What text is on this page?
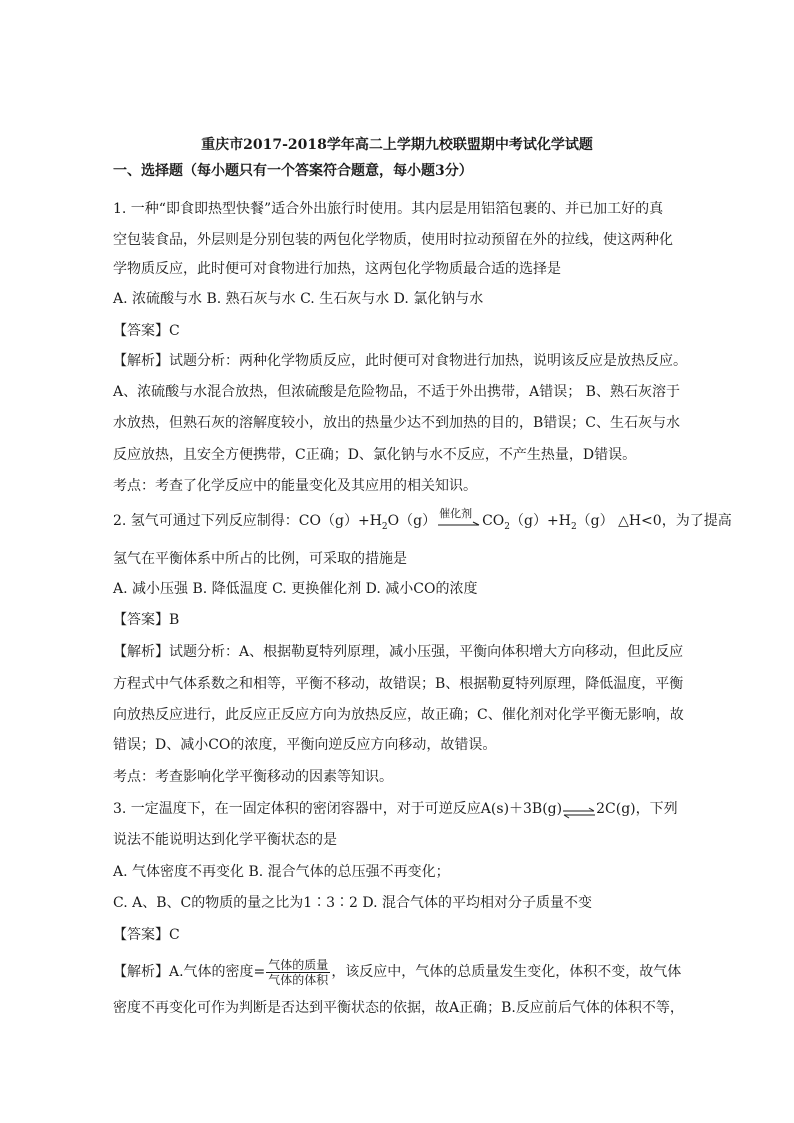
重庆市2017-2018学年高二上学期九校联盟期中考试化学试题
一、选择题（每小题只有一个答案符合题意，每小题3分）
1. 一种“即食即热型快餐”适合外出旅行时使用。其内层是用铝箔包裹的、并已加工好的真
空包装食品，外层则是分别包装的两包化学物质，使用时拉动预留在外的拉线，使这两种化
学物质反应，此时便可对食物进行加热，这两包化学物质最合适的选择是
A. 浓硫酸与水 B. 熟石灰与水 C. 生石灰与水 D. 氯化钠与水
【答案】C
【解析】试题分析：两种化学物质反应，此时便可对食物进行加热，说明该反应是放热反应。
A、浓硫酸与水混合放热，但浓硫酸是危险物品，不适于外出携带，A错误； B、熟石灰溶于
水放热，但熟石灰的溶解度较小，放出的热量少达不到加热的目的，B错误；C、生石灰与水
反应放热，且安全方便携带，C正确；D、氯化钠与水不反应，不产生热量，D错误。
考点：考查了化学反应中的能量变化及其应用的相关知识。
2. 氢气可通过下列反应制得：$CO(g)+H_2O(g)$ 催化剂 $CO_2(g)+H_2(g)$ △H<0，为了提高
氢气在平衡体系中所占的比例，可采取的措施是
A. 减小压强 B. 降低温度 C. 更换催化剂 D. 减小CO的浓度
【答案】B
【解析】试题分析：A、根据勒夏特列原理，减小压强，平衡向体积增大方向移动，但此反应
方程式中气体系数之和相等，平衡不移动，故错误；B、根据勒夏特列原理，降低温度，平衡
向放热反应进行，此反应正反应方向为放热反应，故正确；C、催化剂对化学平衡无影响，故
错误；D、减小CO的浓度，平衡向逆反应方向移动，故错误。
考点：考查影响化学平衡移动的因素等知识。
3. 一定温度下，在一固定体积的密闭容器中，对于可逆反应A(s)＋3B(g)⇌2C(g)，下列
说法不能说明达到化学平衡状态的是
A. 气体密度不再变化 B. 混合气体的总压强不再变化；
C. A、B、C的物质的量之比为1∶3∶2 D. 混合气体的平均相对分子质量不变
【答案】C
【解析】A.气体的密度= $\frac{\text{气体的质量}}{\text{气体的体积}}$ ，该反应中，气体的总质量发生变化，体积不变，故气体
密度不再变化可作为判断是否达到平衡状态的依据，故A正确；B.反应前后气体的体积不等，
